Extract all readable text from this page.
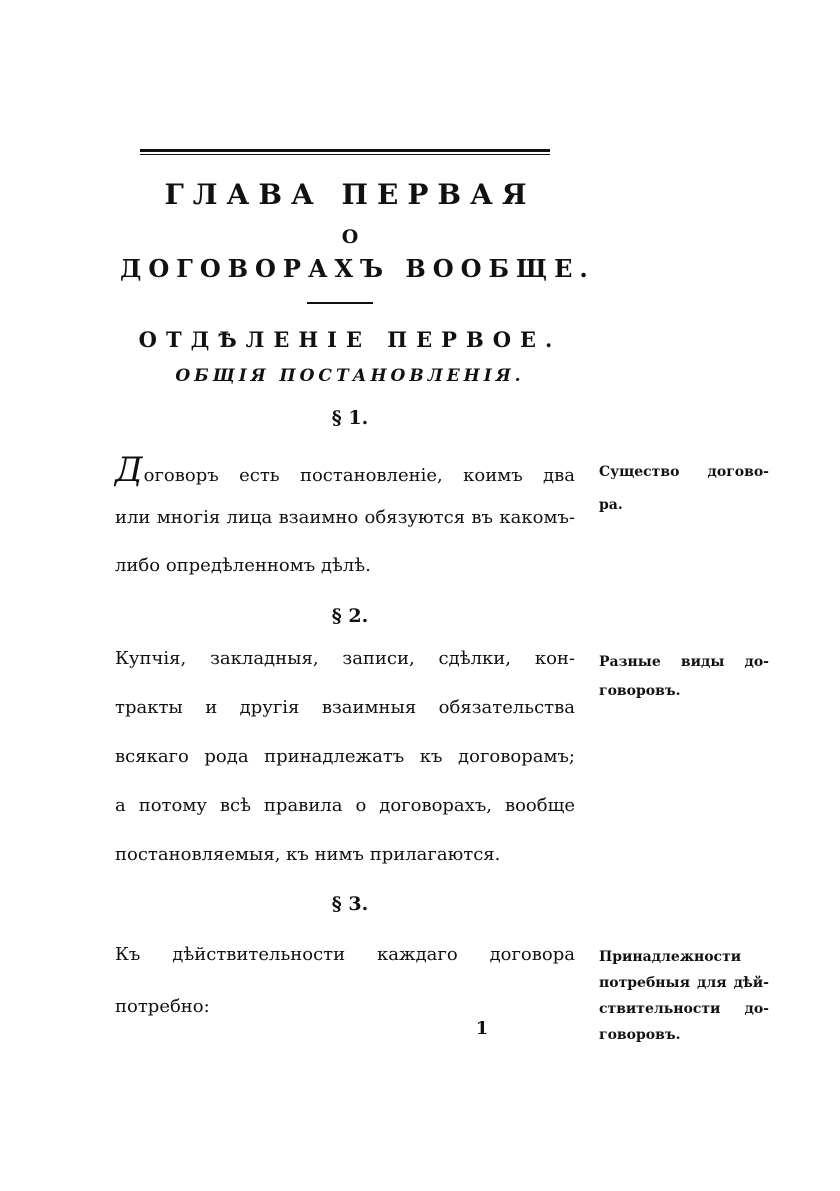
ГЛАВА ПЕРВАЯ
О
ДОГОВОРАХЪ ВООБЩЕ.
ОТДѢЛЕНІЕ ПЕРВОЕ.
ОБЩІЯ ПОСТАНОВЛЕНІЯ.
§ 1.
Договоръ есть постановленіе, коимъ два
или многія лица взаимно обязуются въ какомъ-
либо опредѣленномъ дѣлѣ.
Существо догово-
ра.
§ 2.
Купчія, закладныя, записи, сдѣлки, кон-
тракты и другія взаимныя обязательства
всякаго рода принадлежатъ къ договорамъ;
а потому всѣ правила о договорахъ, вообще
постановляемыя, къ нимъ прилагаются.
Разные виды до-
говоровъ.
§ 3.
Къ дѣйствительности каждаго договора
потребно:
Принадлежности
потребныя для дѣй-
ствительности до-
говоровъ.
1
